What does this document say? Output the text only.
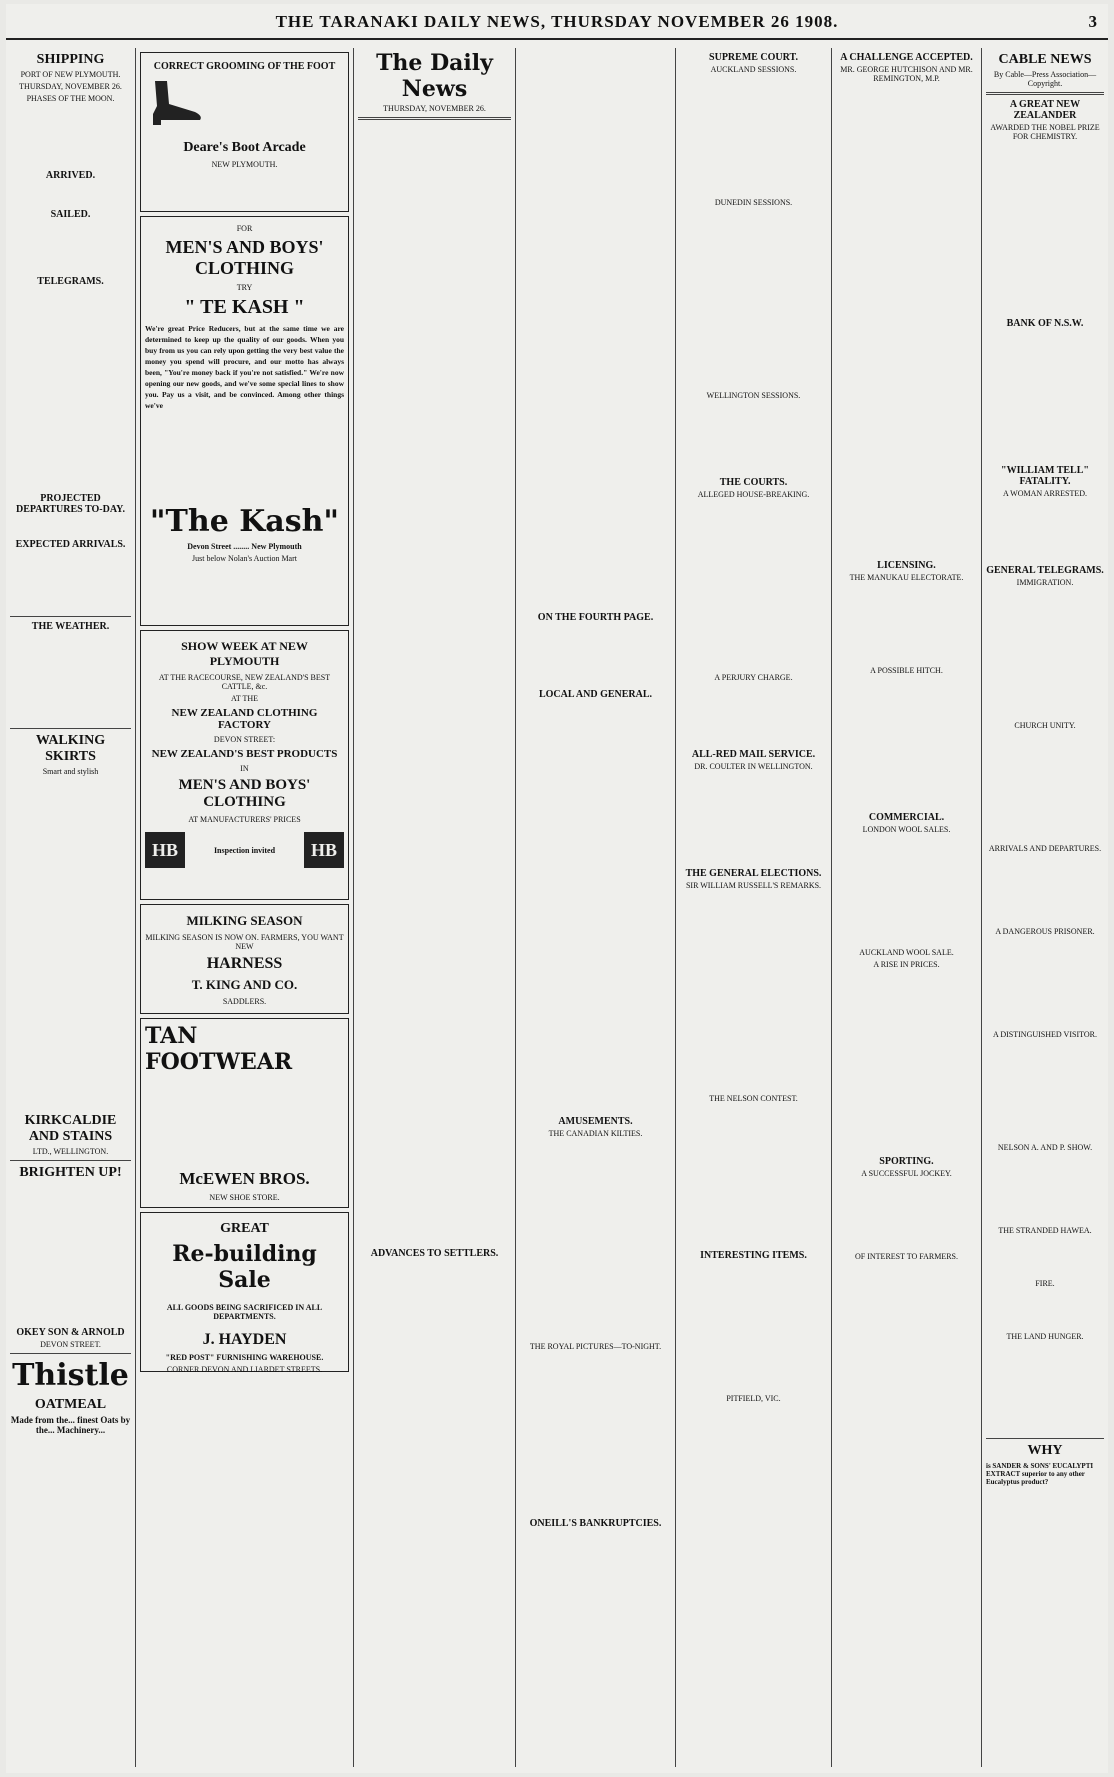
THE TARANAKI DAILY NEWS, THURSDAY NOVEMBER 26 1908.	3
SHIPPING
PORT OF NEW PLYMOUTH.
THURSDAY, NOVEMBER 26.
PHASES OF THE MOON.
ARRIVED.
SAILED.
TELEGRAMS.
PROJECTED DEPARTURES TO-DAY.
EXPECTED ARRIVALS.
THE WEATHER.
WALKING SKIRTS
Smart and stylish
KIRKCALDIE AND STAINS
LTD., WELLINGTON.
BRIGHTEN UP!
OKEY SON & ARNOLD
DEVON STREET.
Thistle
OATMEAL
Made from the... finest Oats by the... Machinery...
CORRECT GROOMING OF THE FOOT
Deare's Boot Arcade
NEW PLYMOUTH.
FOR
MEN'S AND BOYS' CLOTHING
TRY
" TE KASH "
We're great Price Reducers, but at the same time we are determined to keep up the quality of our goods. When you buy from us you can rely upon getting the very best value the money you spend will procure, and our motto has always been, "You're money back if you're not satisfied." We're now opening our new goods, and we've some special lines to show you. Pay us a visit, and be convinced. Among other things we've
"The Kash"
Devon Street ........ New Plymouth
Just below Nolan's Auction Mart
SHOW WEEK AT NEW PLYMOUTH
AT THE RACECOURSE, NEW ZEALAND'S BEST CATTLE, &c.
AT THE
NEW ZEALAND CLOTHING FACTORY
DEVON STREET:
NEW ZEALAND'S BEST PRODUCTS
IN
MEN'S AND BOYS' CLOTHING
AT MANUFACTURERS' PRICES
HB	Inspection invited	HB
MILKING SEASON
MILKING SEASON IS NOW ON. FARMERS, YOU WANT NEW
HARNESS
T. KING AND CO.
SADDLERS.
TAN FOOTWEAR
McEWEN BROS.
NEW SHOE STORE.
GREAT
Re-building Sale
ALL GOODS BEING SACRIFICED IN ALL DEPARTMENTS.
J. HAYDEN
"RED POST" FURNISHING WAREHOUSE.
CORNER DEVON AND LIARDET STREETS.
The Daily News
THURSDAY, NOVEMBER 26.
ADVANCES TO SETTLERS.
ON THE FOURTH PAGE.
LOCAL AND GENERAL.
AMUSEMENTS.
THE CANADIAN KILTIES.
THE ROYAL PICTURES—TO-NIGHT.
ONEILL'S BANKRUPTCIES.
SUPREME COURT.
AUCKLAND SESSIONS.
DUNEDIN SESSIONS.
WELLINGTON SESSIONS.
THE COURTS.
ALLEGED HOUSE-BREAKING.
A PERJURY CHARGE.
ALL-RED MAIL SERVICE.
DR. COULTER IN WELLINGTON.
THE GENERAL ELECTIONS.
SIR WILLIAM RUSSELL'S REMARKS.
THE NELSON CONTEST.
INTERESTING ITEMS.
PITFIELD, VIC.
A CHALLENGE ACCEPTED.
MR. GEORGE HUTCHISON AND MR. REMINGTON, M.P.
LICENSING.
THE MANUKAU ELECTORATE.
A POSSIBLE HITCH.
COMMERCIAL.
LONDON WOOL SALES.
AUCKLAND WOOL SALE.
A RISE IN PRICES.
SPORTING.
A SUCCESSFUL JOCKEY.
OF INTEREST TO FARMERS.
CABLE NEWS
By Cable—Press Association—Copyright.
A GREAT NEW ZEALANDER
AWARDED THE NOBEL PRIZE FOR CHEMISTRY.
BANK OF N.S.W.
"WILLIAM TELL" FATALITY.
A WOMAN ARRESTED.
GENERAL TELEGRAMS.
IMMIGRATION.
CHURCH UNITY.
ARRIVALS AND DEPARTURES.
A DANGEROUS PRISONER.
A DISTINGUISHED VISITOR.
NELSON A. AND P. SHOW.
THE STRANDED HAWEA.
FIRE.
THE LAND HUNGER.
WHY
is SANDER & SONS' EUCALYPTI EXTRACT superior to any other Eucalyptus product?
